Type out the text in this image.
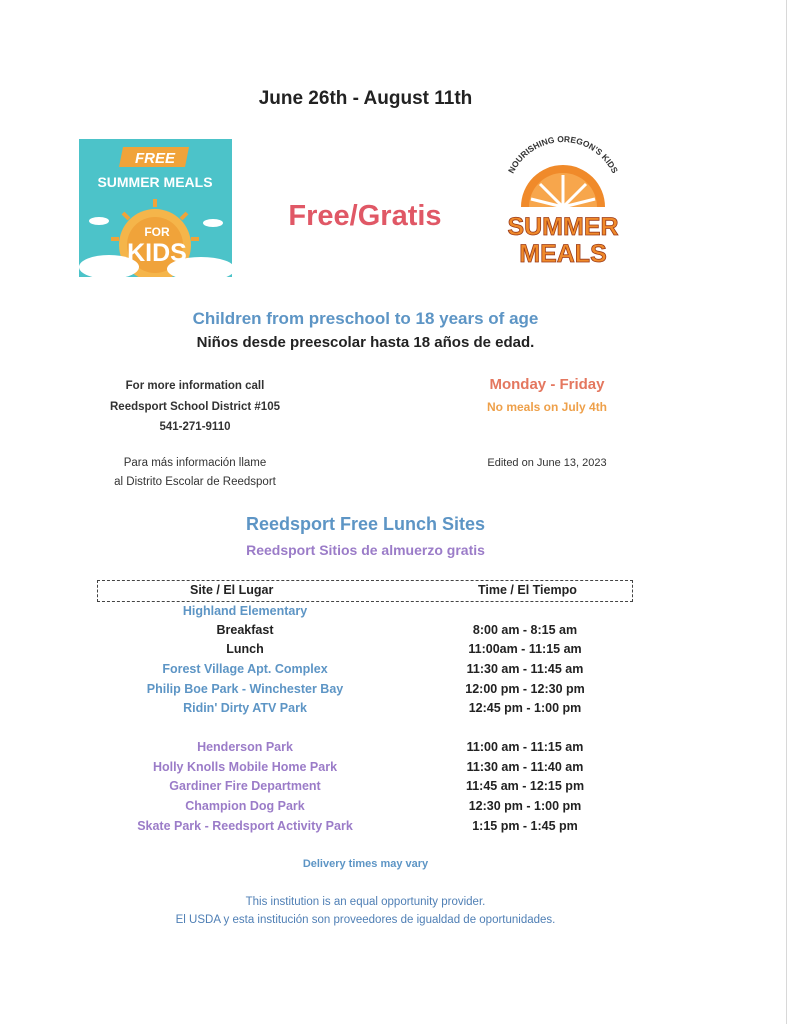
June 26th - August 11th
FREE
SUMMER MEALS
FOR
KIDS
Free/Gratis
NOURISHING OREGON'S KIDS
SUMMER
MEALS
Children from preschool to 18 years of age
Niños desde preescolar hasta 18 años de edad.
For more information call
Reedsport School District #105
541-271-9110
Para más información llame
al Distrito Escolar de Reedsport
Monday - Friday
No meals on July 4th
Edited on June 13, 2023
Reedsport Free Lunch Sites
Reedsport Sitios de almuerzo gratis
Site / El Lugar	Time / El Tiempo
Highland Elementary
Breakfast	8:00 am - 8:15 am
Lunch	11:00am - 11:15 am
Forest Village Apt. Complex	11:30 am - 11:45 am
Philip Boe Park - Winchester Bay	12:00 pm - 12:30 pm
Ridin' Dirty ATV Park	12:45 pm - 1:00 pm
Henderson Park	11:00 am - 11:15 am
Holly Knolls Mobile Home Park	11:30 am - 11:40 am
Gardiner Fire Department	11:45 am - 12:15 pm
Champion Dog Park	12:30 pm - 1:00 pm
Skate Park - Reedsport Activity Park	1:15 pm - 1:45 pm
Delivery times may vary
This institution is an equal opportunity provider.
El USDA y esta institución son proveedores de igualdad de oportunidades.
